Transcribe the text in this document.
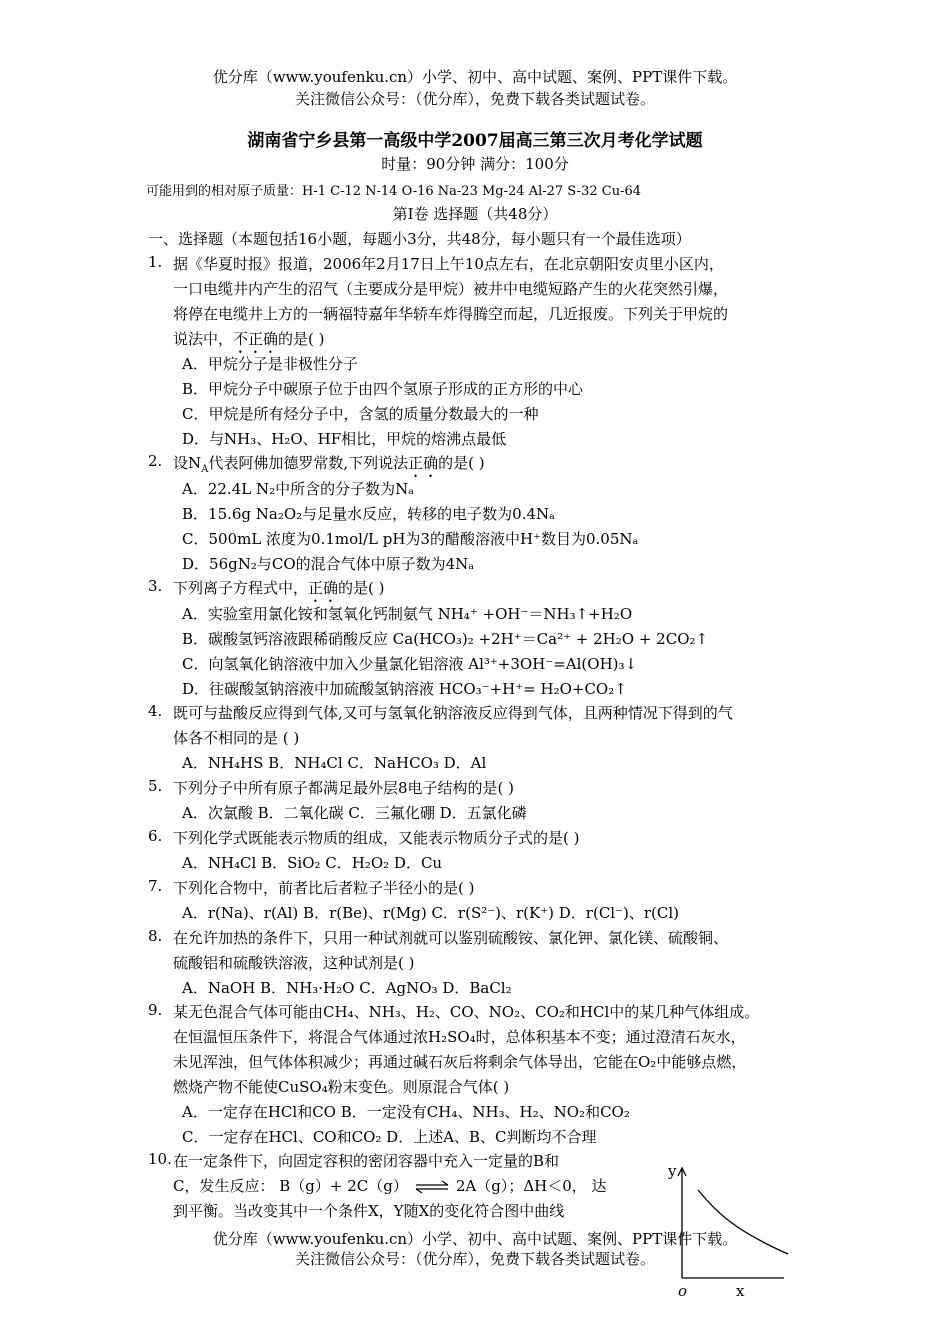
优分库（www.youfenku.cn）小学、初中、高中试题、案例、PPT课件下载。
关注微信公众号：（优分库），免费下载各类试题试卷。
湖南省宁乡县第一高级中学2007届高三第三次月考化学试题
时量：90分钟 满分：100分
可能用到的相对原子质量：H-1 C-12 N-14 O-16 Na-23 Mg-24 Al-27 S-32 Cu-64
第Ⅰ卷 选择题（共48分）
一、选择题（本题包括16小题，每题小3分，共48分，每小题只有一个最佳选项）
1. 据《华夏时报》报道，2006年2月17日上午10点左右，在北京朝阳安贞里小区内，
一口电缆井内产生的沼气（主要成分是甲烷）被井中电缆短路产生的火花突然引爆，
将停在电缆井上方的一辆福特嘉年华轿车炸得腾空而起，几近报废。下列关于甲烷的
说法中，不正确的是( )
A．甲烷分子是非极性分子
B．甲烷分子中碳原子位于由四个氢原子形成的正方形的中心
C．甲烷是所有烃分子中，含氢的质量分数最大的一种
D．与NH₃、H₂O、HF相比，甲烷的熔沸点最低
2. 设$N_A$代表阿佛加德罗常数,下列说法正确的是( )
A．22.4L N₂中所含的分子数为Nₐ
B．15.6g Na₂O₂与足量水反应，转移的电子数为0.4Nₐ
C．500mL 浓度为0.1mol/L pH为3的醋酸溶液中H⁺数目为0.05Nₐ
D．56gN₂与CO的混合气体中原子数为4Nₐ
3. 下列离子方程式中，正确的是( )
A．实验室用氯化铵和氢氧化钙制氨气 NH₄⁺ +OH⁻＝NH₃↑+H₂O
B．碳酸氢钙溶液跟稀硝酸反应 Ca(HCO₃)₂ +2H⁺＝Ca²⁺ + 2H₂O + 2CO₂↑
C．向氢氧化钠溶液中加入少量氯化铝溶液 Al³⁺+3OH⁻=Al(OH)₃↓
D．往碳酸氢钠溶液中加硫酸氢钠溶液 HCO₃⁻+H⁺= H₂O+CO₂↑
4. 既可与盐酸反应得到气体,又可与氢氧化钠溶液反应得到气体，且两种情况下得到的气
体各不相同的是 ( )
A．NH₄HS B．NH₄Cl C．NaHCO₃ D．Al
5. 下列分子中所有原子都满足最外层8电子结构的是( )
A．次氯酸 B．二氧化碳 C．三氟化硼 D．五氯化磷
6. 下列化学式既能表示物质的组成，又能表示物质分子式的是( )
A．NH₄Cl B．SiO₂ C．H₂O₂ D．Cu
7. 下列化合物中，前者比后者粒子半径小的是( )
A．r(Na)、r(Al) B．r(Be)、r(Mg) C．r(S²⁻)、r(K⁺) D．r(Cl⁻)、r(Cl)
8. 在允许加热的条件下，只用一种试剂就可以鉴别硫酸铵、氯化钾、氯化镁、硫酸铜、
硫酸铝和硫酸铁溶液，这种试剂是( )
A．NaOH B．NH₃·H₂O C．AgNO₃ D．BaCl₂
9. 某无色混合气体可能由CH₄、NH₃、H₂、CO、NO₂、CO₂和HCl中的某几种气体组成。
在恒温恒压条件下，将混合气体通过浓H₂SO₄时，总体积基本不变；通过澄清石灰水，
未见浑浊，但气体体积减少；再通过碱石灰后将剩余气体导出，它能在O₂中能够点燃，
燃烧产物不能使CuSO₄粉末变色。则原混合气体( )
A．一定存在HCl和CO B．一定没有CH₄、NH₃、H₂、NO₂和CO₂
C．一定存在HCl、CO和CO₂ D．上述A、B、C判断均不合理
10. 在一定条件下，向固定容积的密闭容器中充入一定量的B和
C，发生反应： B（g）+ 2C（g） ⇌ 2A（g）；ΔH＜0， 达
到平衡。当改变其中一个条件X，Y随X的变化符合图中曲线
y
x
o
优分库（www.youfenku.cn）小学、初中、高中试题、案例、PPT课件下载。
关注微信公众号：（优分库），免费下载各类试题试卷。
